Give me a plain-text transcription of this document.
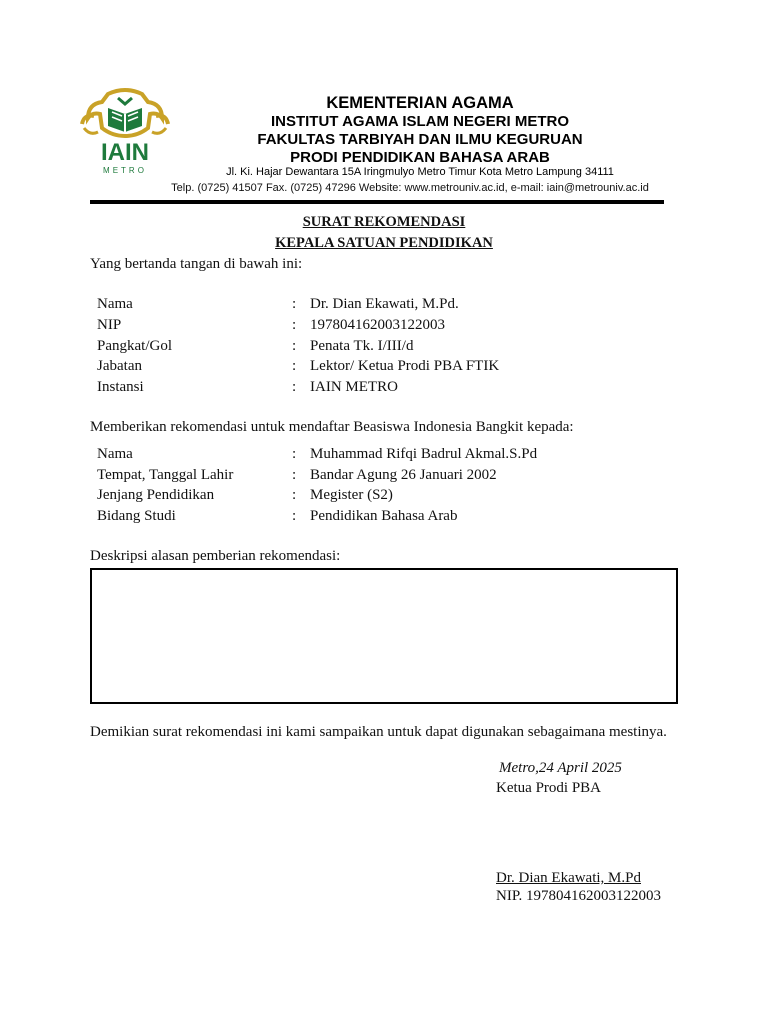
IAIN
METRO
KEMENTERIAN AGAMA
INSTITUT AGAMA ISLAM NEGERI METRO
FAKULTAS TARBIYAH DAN ILMU KEGURUAN
PRODI PENDIDIKAN BAHASA ARAB
Jl. Ki. Hajar Dewantara 15A Iringmulyo Metro Timur Kota Metro Lampung 34111
Telp. (0725) 41507 Fax. (0725) 47296 Website: www.metrouniv.ac.id, e-mail: iain@metrouniv.ac.id
SURAT REKOMENDASI
KEPALA SATUAN PENDIDIKAN
Yang bertanda tangan di bawah ini:
Nama	: Dr. Dian Ekawati, M.Pd.
NIP	: 197804162003122003
Pangkat/Gol	: Penata Tk. I/III/d
Jabatan	: Lektor/ Ketua Prodi PBA FTIK
Instansi	: IAIN METRO
Memberikan rekomendasi untuk mendaftar Beasiswa Indonesia Bangkit kepada:
Nama	: Muhammad Rifqi Badrul Akmal.S.Pd
Tempat, Tanggal Lahir	: Bandar Agung 26 Januari 2002
Jenjang Pendidikan	: Megister (S2)
Bidang Studi	: Pendidikan Bahasa Arab
Deskripsi alasan pemberian rekomendasi:
Demikian surat rekomendasi ini kami sampaikan untuk dapat digunakan sebagaimana mestinya.
Metro,24 April 2025
Ketua Prodi PBA
Dr. Dian Ekawati, M.Pd
NIP. 197804162003122003
